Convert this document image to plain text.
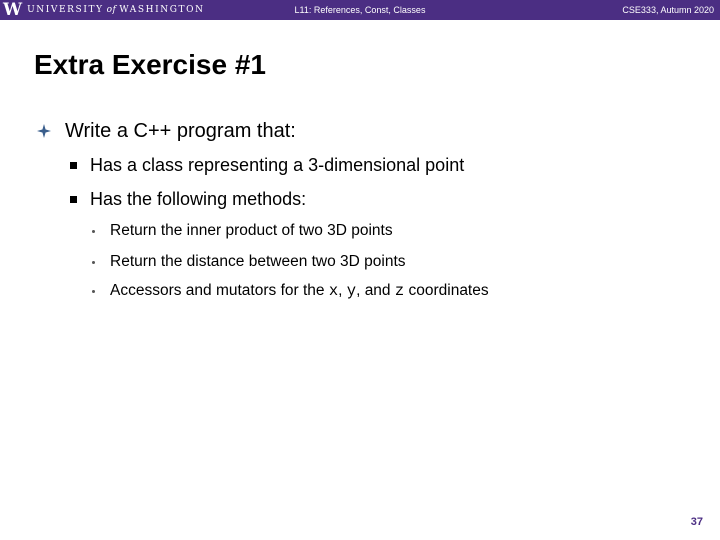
W UNIVERSITY of WASHINGTON	L11: References, Const, Classes	CSE333, Autumn 2020
Extra Exercise #1
Write a C++ program that:
Has a class representing a 3-dimensional point
Has the following methods:
Return the inner product of two 3D points
Return the distance between two 3D points
Accessors and mutators for the x, y, and z coordinates
37
